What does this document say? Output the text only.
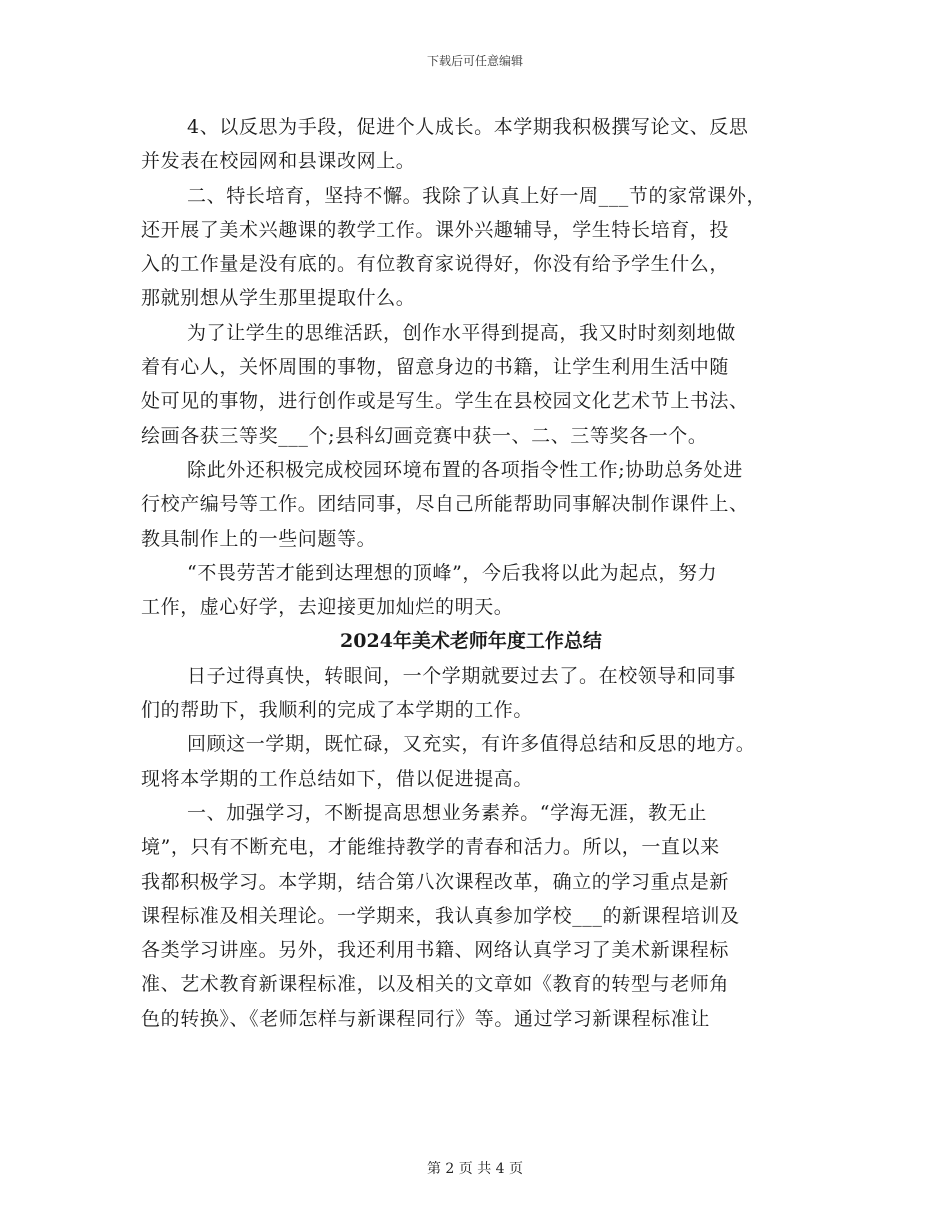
下载后可任意编辑
4、以反思为手段，促进个人成长。本学期我积极撰写论文、反思
并发表在校园网和县课改网上。
二、特长培育，坚持不懈。我除了认真上好一周___节的家常课外，
还开展了美术兴趣课的教学工作。课外兴趣辅导，学生特长培育，投
入的工作量是没有底的。有位教育家说得好，你没有给予学生什么，
那就别想从学生那里提取什么。
为了让学生的思维活跃，创作水平得到提高，我又时时刻刻地做
着有心人，关怀周围的事物，留意身边的书籍，让学生利用生活中随
处可见的事物，进行创作或是写生。学生在县校园文化艺术节上书法、
绘画各获三等奖___个;县科幻画竞赛中获一、二、三等奖各一个。
除此外还积极完成校园环境布置的各项指令性工作;协助总务处进
行校产编号等工作。团结同事，尽自己所能帮助同事解决制作课件上、
教具制作上的一些问题等。
“不畏劳苦才能到达理想的顶峰”，今后我将以此为起点，努力
工作，虚心好学，去迎接更加灿烂的明天。
2024年美术老师年度工作总结
日子过得真快，转眼间，一个学期就要过去了。在校领导和同事
们的帮助下，我顺利的完成了本学期的工作。
回顾这一学期，既忙碌，又充实，有许多值得总结和反思的地方。
现将本学期的工作总结如下，借以促进提高。
一、加强学习，不断提高思想业务素养。“学海无涯，教无止
境”，只有不断充电，才能维持教学的青春和活力。所以，一直以来
我都积极学习。本学期，结合第八次课程改革，确立的学习重点是新
课程标准及相关理论。一学期来，我认真参加学校___的新课程培训及
各类学习讲座。另外，我还利用书籍、网络认真学习了美术新课程标
准、艺术教育新课程标准，以及相关的文章如《教育的转型与老师角
色的转换》、《老师怎样与新课程同行》等。通过学习新课程标准让
第 2 页 共 4 页
